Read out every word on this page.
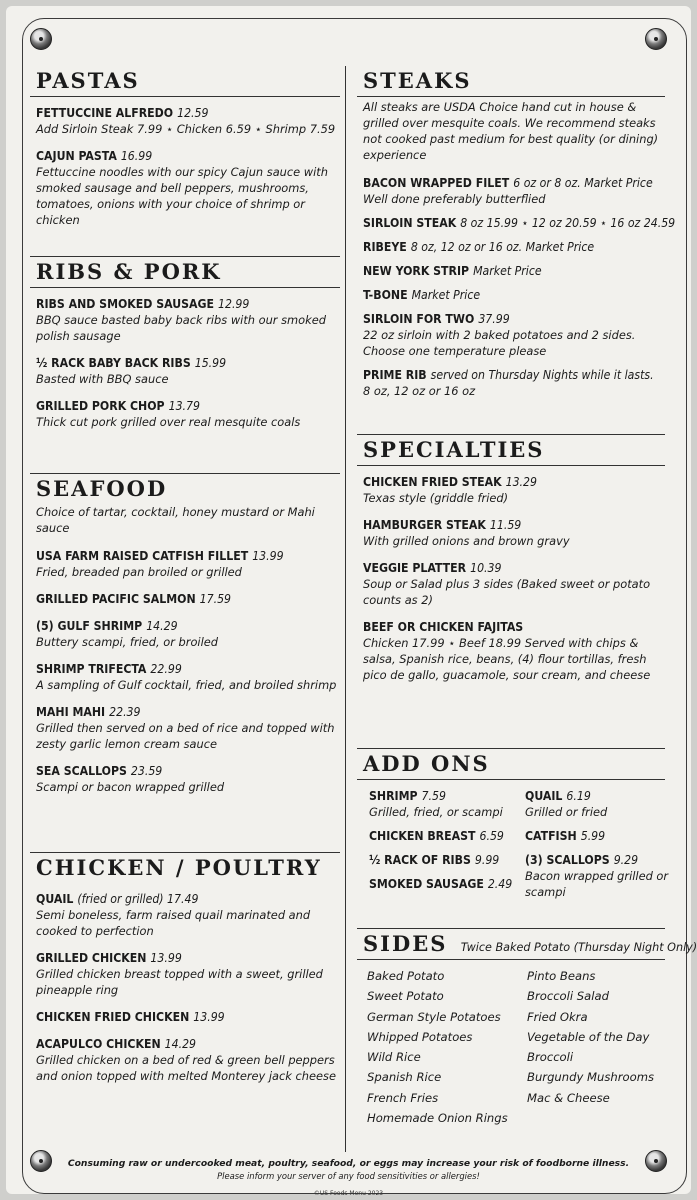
PASTAS
FETTUCCINE ALFREDO 12.59
Add Sirloin Steak 7.99 ⋆ Chicken 6.59 ⋆ Shrimp 7.59
CAJUN PASTA 16.99
Fettuccine noodles with our spicy Cajun sauce with smoked sausage and bell peppers, mushrooms, tomatoes, onions with your choice of shrimp or chicken
RIBS & PORK
RIBS AND SMOKED SAUSAGE 12.99
BBQ sauce basted baby back ribs with our smoked polish sausage
½ RACK BABY BACK RIBS 15.99
Basted with BBQ sauce
GRILLED PORK CHOP 13.79
Thick cut pork grilled over real mesquite coals
SEAFOOD
Choice of tartar, cocktail, honey mustard or Mahi sauce
USA FARM RAISED CATFISH FILLET 13.99
Fried, breaded pan broiled or grilled
GRILLED PACIFIC SALMON 17.59
(5) GULF SHRIMP 14.29
Buttery scampi, fried, or broiled
SHRIMP TRIFECTA 22.99
A sampling of Gulf cocktail, fried, and broiled shrimp
MAHI MAHI 22.39
Grilled then served on a bed of rice and topped with zesty garlic lemon cream sauce
SEA SCALLOPS 23.59
Scampi or bacon wrapped grilled
CHICKEN / POULTRY
QUAIL (fried or grilled) 17.49
Semi boneless, farm raised quail marinated and cooked to perfection
GRILLED CHICKEN 13.99
Grilled chicken breast topped with a sweet, grilled pineapple ring
CHICKEN FRIED CHICKEN 13.99
ACAPULCO CHICKEN 14.29
Grilled chicken on a bed of red & green bell peppers and onion topped with melted Monterey jack cheese
STEAKS
All steaks are USDA Choice hand cut in house & grilled over mesquite coals. We recommend steaks not cooked past medium for best quality (or dining) experience
BACON WRAPPED FILET 6 oz or 8 oz. Market Price
Well done preferably butterflied
SIRLOIN STEAK 8 oz 15.99 ⋆ 12 oz 20.59 ⋆ 16 oz 24.59
RIBEYE 8 oz, 12 oz or 16 oz. Market Price
NEW YORK STRIP Market Price
T-BONE Market Price
SIRLOIN FOR TWO 37.99
22 oz sirloin with 2 baked potatoes and 2 sides. Choose one temperature please
PRIME RIB served on Thursday Nights while it lasts.
8 oz, 12 oz or 16 oz
SPECIALTIES
CHICKEN FRIED STEAK 13.29
Texas style (griddle fried)
HAMBURGER STEAK 11.59
With grilled onions and brown gravy
VEGGIE PLATTER 10.39
Soup or Salad plus 3 sides (Baked sweet or potato counts as 2)
BEEF OR CHICKEN FAJITAS
Chicken 17.99 ⋆ Beef 18.99 Served with chips & salsa, Spanish rice, beans, (4) flour tortillas, fresh pico de gallo, guacamole, sour cream, and cheese
ADD ONS
SHRIMP 7.59
Grilled, fried, or scampi
CHICKEN BREAST 6.59
½ RACK OF RIBS 9.99
SMOKED SAUSAGE 2.49
QUAIL 6.19
Grilled or fried
CATFISH 5.99
(3) SCALLOPS 9.29
Bacon wrapped grilled or scampi
SIDES Twice Baked Potato (Thursday Night Only)
Baked Potato
Sweet Potato
German Style Potatoes
Whipped Potatoes
Wild Rice
Spanish Rice
French Fries
Homemade Onion Rings
Pinto Beans
Broccoli Salad
Fried Okra
Vegetable of the Day
Broccoli
Burgundy Mushrooms
Mac & Cheese
Consuming raw or undercooked meat, poultry, seafood, or eggs may increase your risk of foodborne illness.
Please inform your server of any food sensitivities or allergies!
©US Foods Menu 2023
